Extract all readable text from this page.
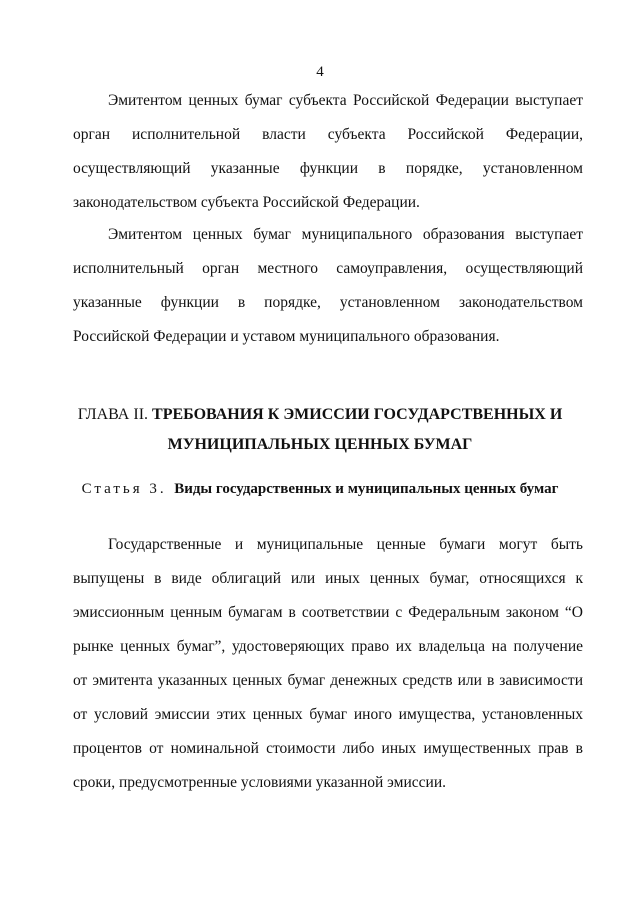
4
Эмитентом ценных бумаг субъекта Российской Федерации выступает
орган исполнительной власти субъекта Российской Федерации,
осуществляющий указанные функции в порядке, установленном
законодательством субъекта Российской Федерации.
Эмитентом ценных бумаг муниципального образования выступает
исполнительный орган местного самоуправления, осуществляющий
указанные функции в порядке, установленном законодательством
Российской Федерации и уставом муниципального образования.
ГЛАВА II. ТРЕБОВАНИЯ К ЭМИССИИ ГОСУДАРСТВЕННЫХ И
МУНИЦИПАЛЬНЫХ ЦЕННЫХ БУМАГ
Статья 3. Виды государственных и муниципальных ценных бумаг
Государственные и муниципальные ценные бумаги могут быть
выпущены в виде облигаций или иных ценных бумаг, относящихся к
эмиссионным ценным бумагам в соответствии с Федеральным законом “О
рынке ценных бумаг”, удостоверяющих право их владельца на получение
от эмитента указанных ценных бумаг денежных средств или в зависимости
от условий эмиссии этих ценных бумаг иного имущества, установленных
процентов от номинальной стоимости либо иных имущественных прав в
сроки, предусмотренные условиями указанной эмиссии.
